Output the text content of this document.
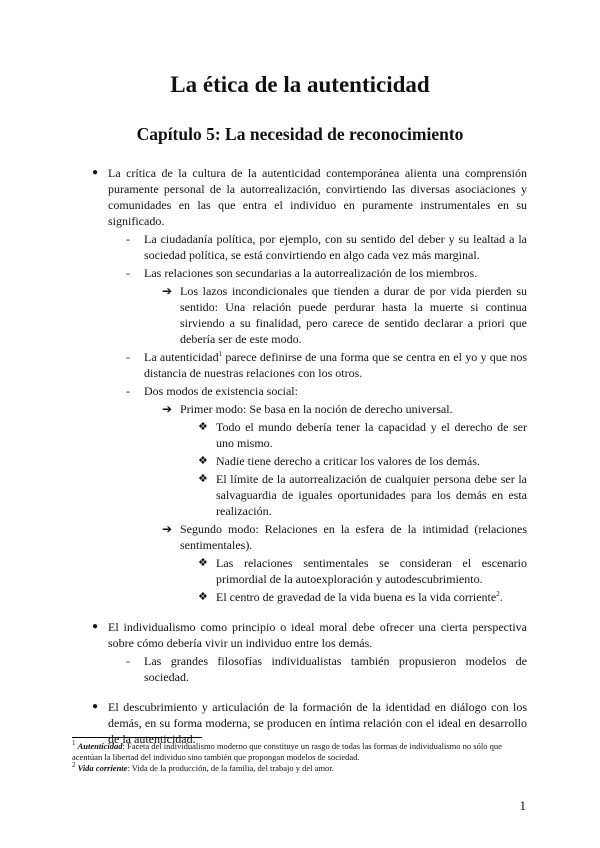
La ética de la autenticidad
Capítulo 5: La necesidad de reconocimiento
● La crítica de la cultura de la autenticidad contemporánea alienta una comprensión puramente personal de la autorrealización, convirtiendo las diversas asociaciones y comunidades en las que entra el individuo en puramente instrumentales en su significado.
- La ciudadanía política, por ejemplo, con su sentido del deber y su lealtad a la sociedad política, se está convirtiendo en algo cada vez más marginal.
- Las relaciones son secundarias a la autorrealización de los miembros.
➔ Los lazos incondicionales que tienden a durar de por vida pierden su sentido: Una relación puede perdurar hasta la muerte si continua sirviendo a su finalidad, pero carece de sentido declarar a priori que debería ser de este modo.
- La autenticidad$^1$ parece definirse de una forma que se centra en el yo y que nos distancia de nuestras relaciones con los otros.
- Dos modos de existencia social:
➔ Primer modo: Se basa en la noción de derecho universal.
❖ Todo el mundo debería tener la capacidad y el derecho de ser uno mismo.
❖ Nadie tiene derecho a criticar los valores de los demás.
❖ El límite de la autorrealización de cualquier persona debe ser la salvaguardia de iguales oportunidades para los demás en esta realización.
➔ Segundo modo: Relaciones en la esfera de la intimidad (relaciones sentimentales).
❖ Las relaciones sentimentales se consideran el escenario primordial de la autoexploración y autodescubrimiento.
❖ El centro de gravedad de la vida buena es la vida corriente$^2$.
● El individualismo como principio o ideal moral debe ofrecer una cierta perspectiva sobre cómo debería vivir un individuo entre los demás.
- Las grandes filosofías individualistas también propusieron modelos de sociedad.
● El descubrimiento y articulación de la formación de la identidad en diálogo con los demás, en su forma moderna, se producen en íntima relación con el ideal en desarrollo de la autenticidad.

$^1$ Autenticidad: Faceta del individualismo moderno que constituye un rasgo de todas las formas de individualismo no sólo que acentúan la libertad del individuo sino también que propongan modelos de sociedad.

$^2$ Vida corriente: Vida de la producción, de la familia, del trabajo y del amor.

1
